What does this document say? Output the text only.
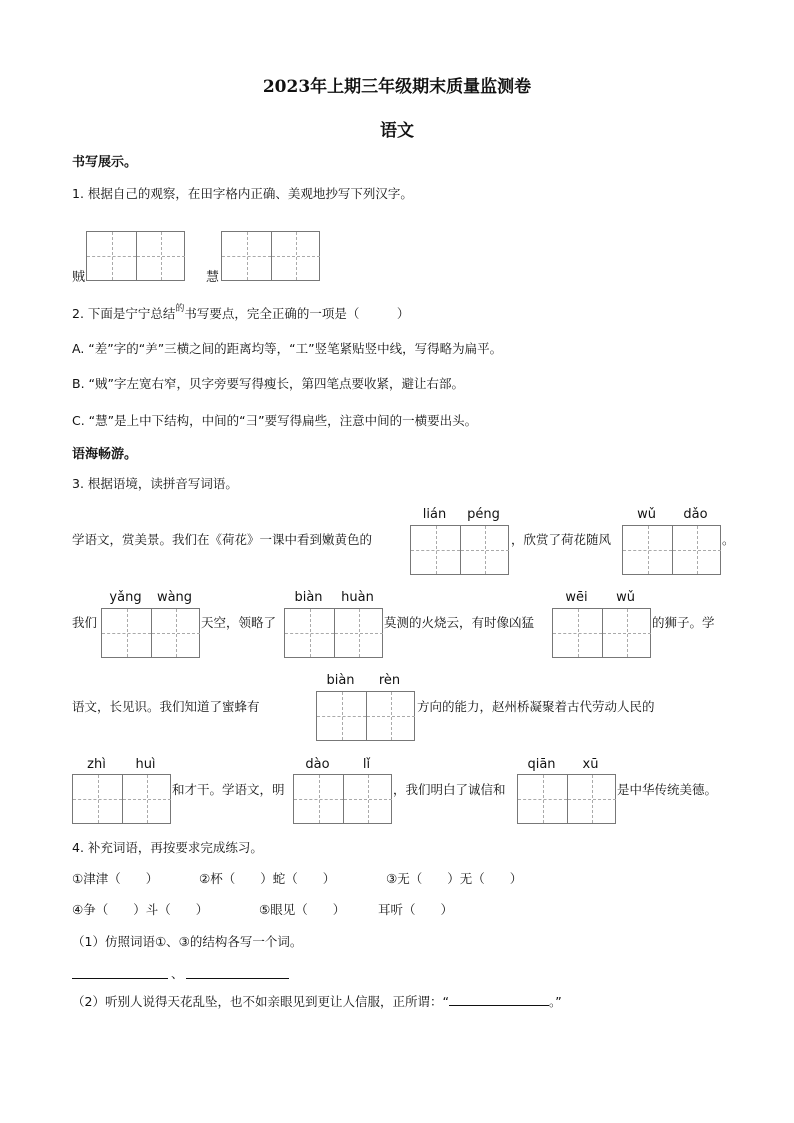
2023年上期三年级期末质量监测卷
语文
书写展示。
1. 根据自己的观察，在田字格内正确、美观地抄写下列汉字。
贼	慧
2. 下面是宁宁总结$^的$书写要点，完全正确的一项是（　　　）
A. “差”字的“⺶”三横之间的距离均等，“工”竖笔紧贴竖中线，写得略为扁平。
B. “贼”字左宽右窄，贝字旁要写得瘦长，第四笔点要收紧，避让右部。
C. “慧”是上中下结构，中间的“彐”要写得扁些，注意中间的一横要出头。
语海畅游。
3. 根据语境，读拼音写词语。
学语文，赏美景。我们在《荷花》一课中看到嫩黄色的
lián	péng
，欣赏了荷花随风
wǔ	dǎo
。
我们
yǎng	wàng
天空，领略了
biàn	huàn
莫测的火烧云，有时像凶猛
wēi	wǔ
的狮子。学
语文，长见识。我们知道了蜜蜂有
biàn	rèn
方向的能力，赵州桥凝聚着古代劳动人民的
zhì	huì
和才干。学语文，明
dào	lǐ
，我们明白了诚信和
qiān	xū
是中华传统美德。
4. 补充词语，再按要求完成练习。
①津津（　　）	②杯（　　）蛇（　　）	③无（　　）无（　　）
④争（　　）斗（　　）	⑤眼见（　　）	耳听（　　）
（1）仿照词语①、③的结构各写一个词。
、
（2）听别人说得天花乱坠，也不如亲眼见到更让人信服，正所谓：“	。”
